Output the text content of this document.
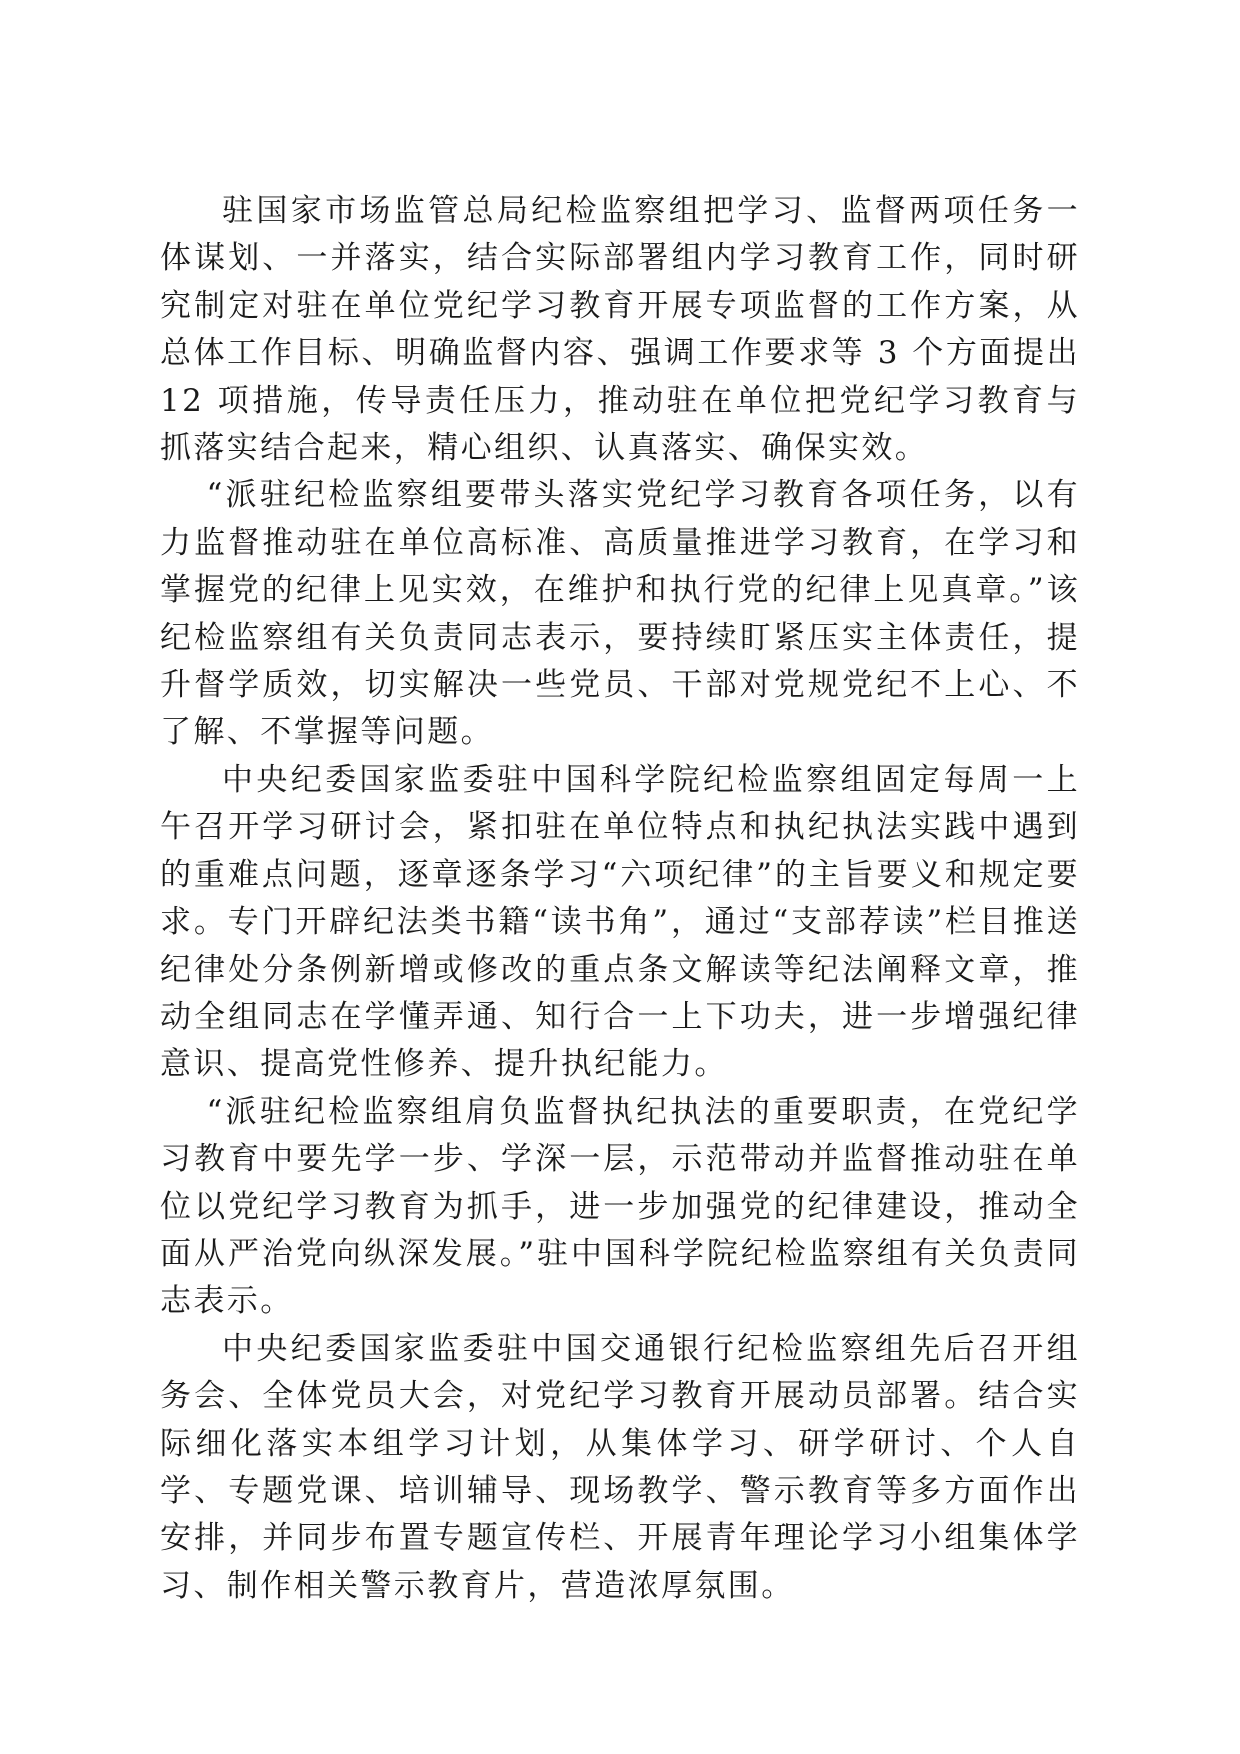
驻国家市场监管总局纪检监察组把学习、监督两项任务一体谋划、一并落实，结合实际部署组内学习教育工作，同时研究制定对驻在单位党纪学习教育开展专项监督的工作方案，从总体工作目标、明确监督内容、强调工作要求等 3 个方面提出 12 项措施，传导责任压力，推动驻在单位把党纪学习教育与抓落实结合起来，精心组织、认真落实、确保实效。

“派驻纪检监察组要带头落实党纪学习教育各项任务，以有力监督推动驻在单位高标准、高质量推进学习教育，在学习和掌握党的纪律上见实效，在维护和执行党的纪律上见真章。”该纪检监察组有关负责同志表示，要持续盯紧压实主体责任，提升督学质效，切实解决一些党员、干部对党规党纪不上心、不了解、不掌握等问题。

中央纪委国家监委驻中国科学院纪检监察组固定每周一上午召开学习研讨会，紧扣驻在单位特点和执纪执法实践中遇到的重难点问题，逐章逐条学习“六项纪律”的主旨要义和规定要求。专门开辟纪法类书籍“读书角”，通过“支部荐读”栏目推送纪律处分条例新增或修改的重点条文解读等纪法阐释文章，推动全组同志在学懂弄通、知行合一上下功夫，进一步增强纪律意识、提高党性修养、提升执纪能力。

“派驻纪检监察组肩负监督执纪执法的重要职责，在党纪学习教育中要先学一步、学深一层，示范带动并监督推动驻在单位以党纪学习教育为抓手，进一步加强党的纪律建设，推动全面从严治党向纵深发展。”驻中国科学院纪检监察组有关负责同志表示。

中央纪委国家监委驻中国交通银行纪检监察组先后召开组务会、全体党员大会，对党纪学习教育开展动员部署。结合实际细化落实本组学习计划，从集体学习、研学研讨、个人自学、专题党课、培训辅导、现场教学、警示教育等多方面作出安排，并同步布置专题宣传栏、开展青年理论学习小组集体学习、制作相关警示教育片，营造浓厚氛围。
